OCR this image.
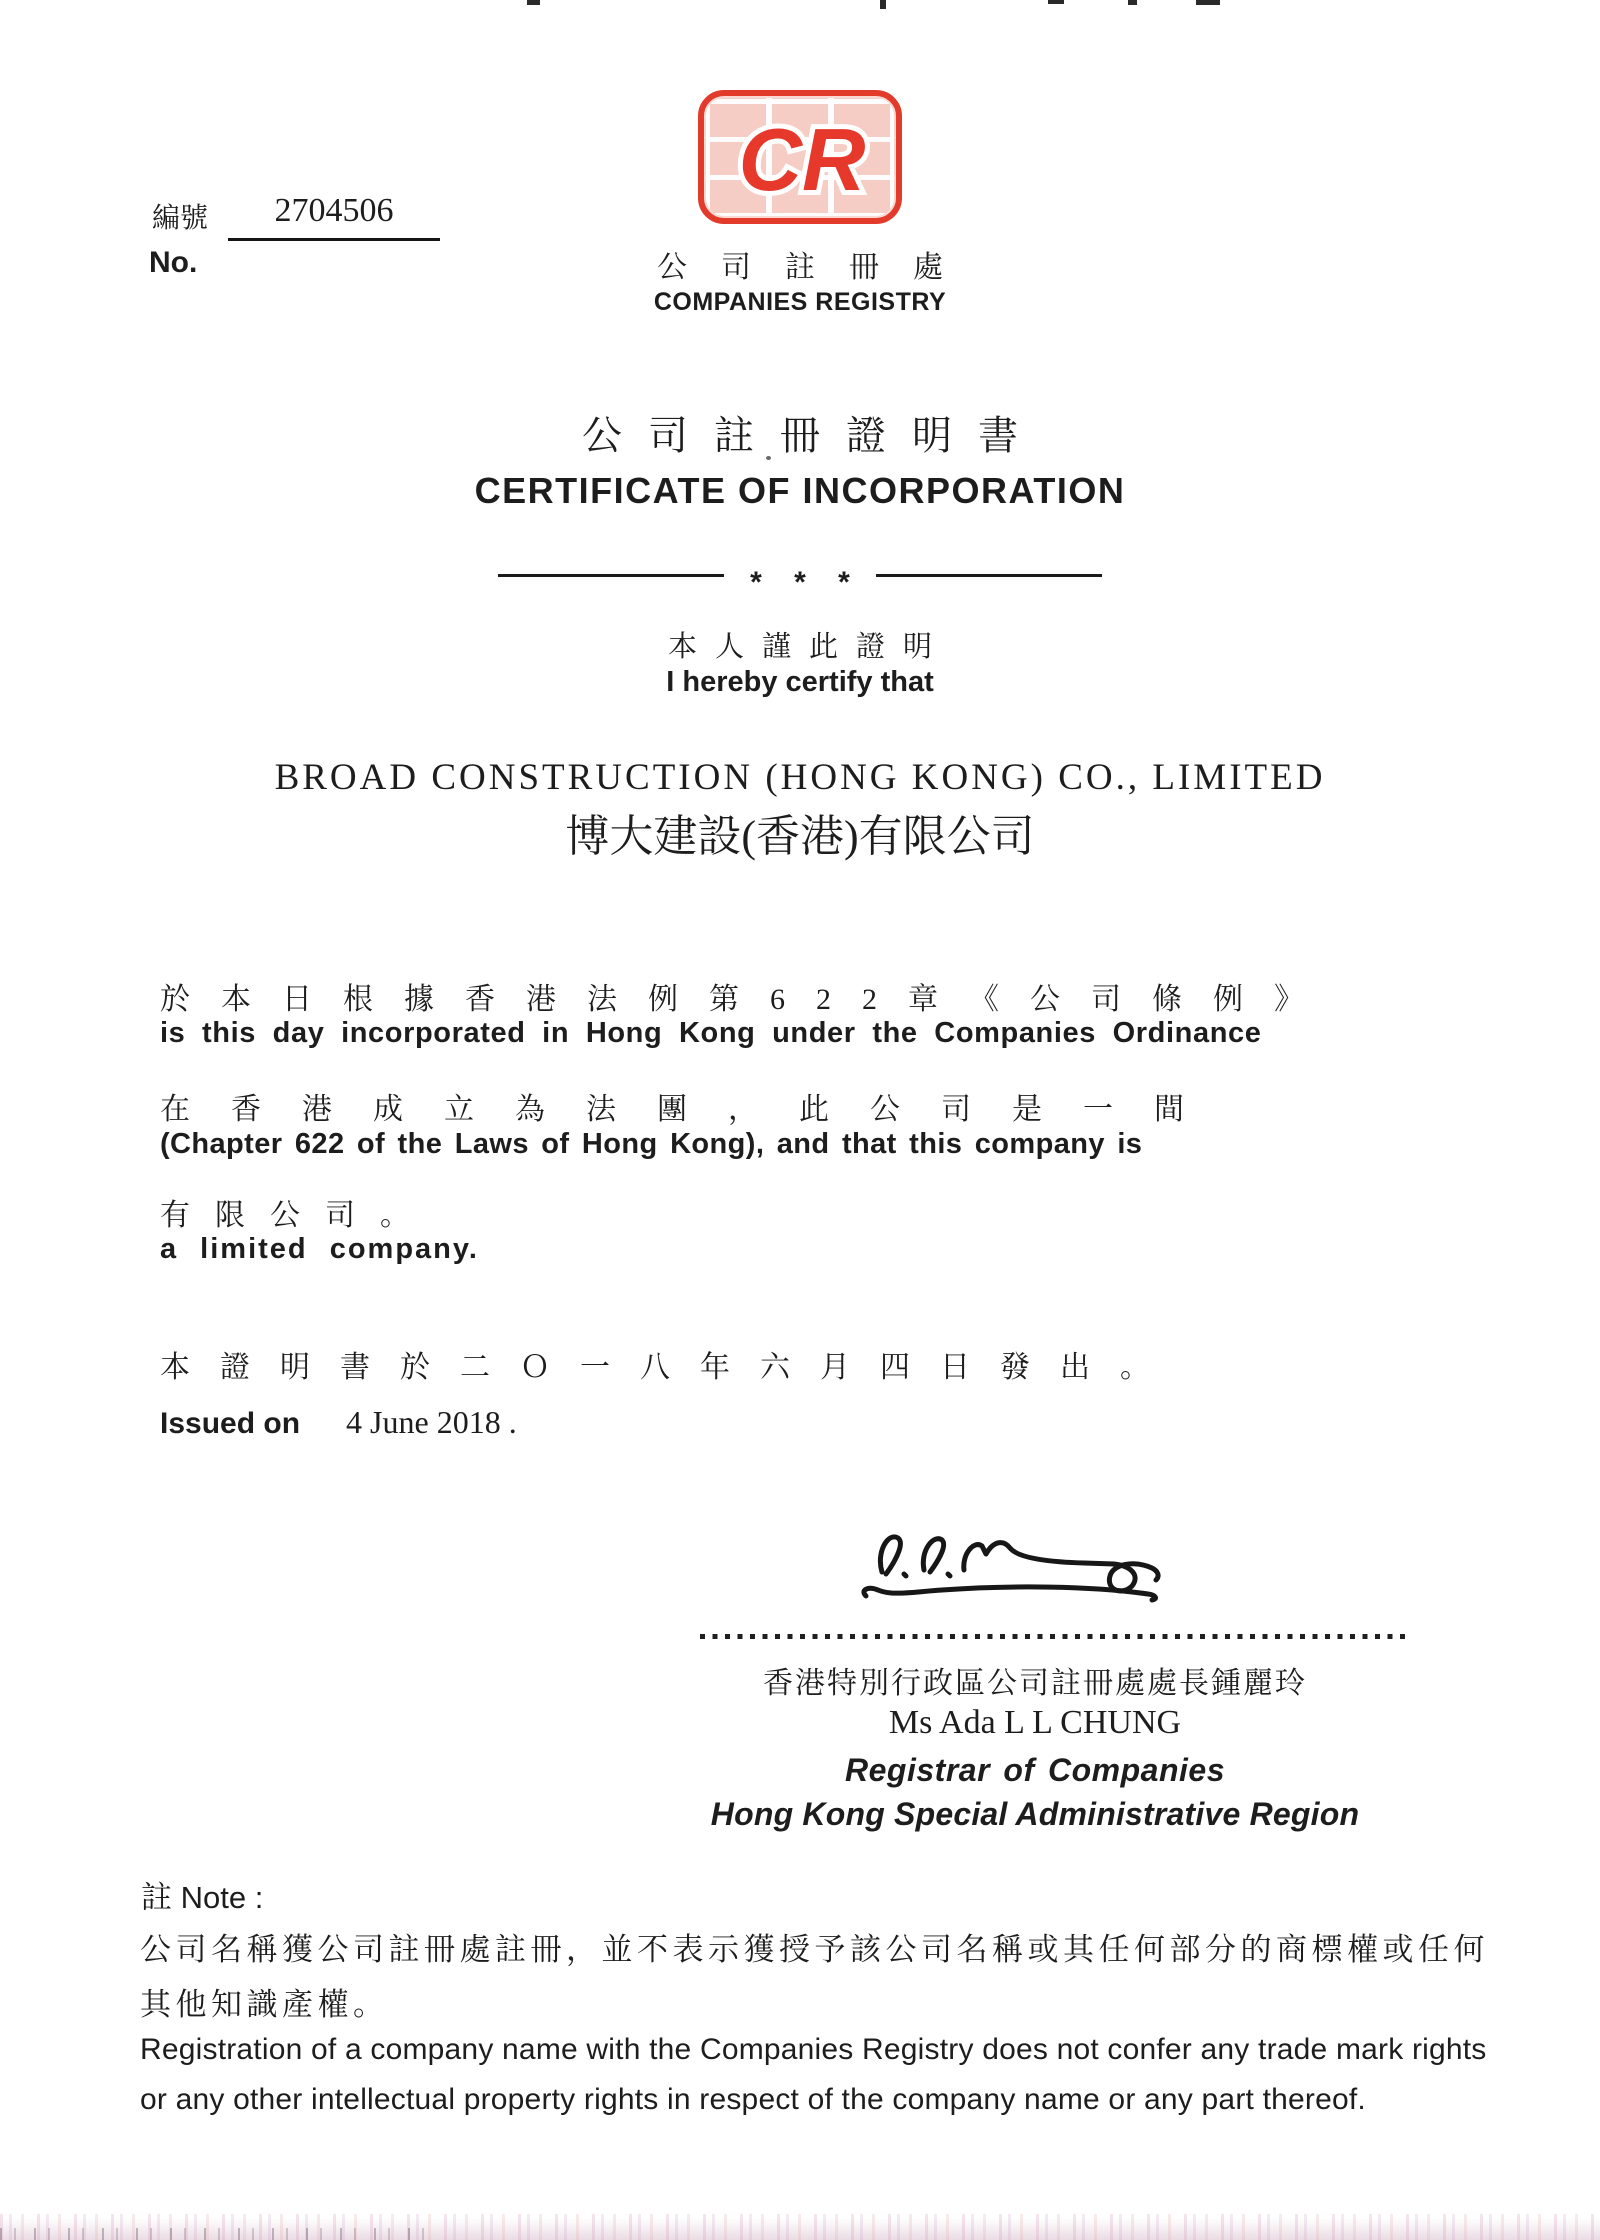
編號	2704506
No.
CR
公司註冊處
COMPANIES REGISTRY
公司註冊證明書
CERTIFICATE OF INCORPORATION
* * *
本人謹此證明
I hereby certify that
BROAD CONSTRUCTION (HONG KONG) CO., LIMITED
博大建設(香港)有限公司
於本日根據香港法例第622章《公司條例》
is this day incorporated in Hong Kong under the Companies Ordinance
在香港成立為法團，此公司是一間
(Chapter 622 of the Laws of Hong Kong), and that this company is
有限公司。
a limited company.
本證明書於二Ｏ一八年六月四日發出。
Issued on 4 June 2018 .
香港特別行政區公司註冊處處長鍾麗玲
Ms Ada L L CHUNG
Registrar of Companies
Hong Kong Special Administrative Region
註 Note :
公司名稱獲公司註冊處註冊，並不表示獲授予該公司名稱或其任何部分的商標權或任何
其他知識產權。
Registration of a company name with the Companies Registry does not confer any trade mark rights
or any other intellectual property rights in respect of the company name or any part thereof.
